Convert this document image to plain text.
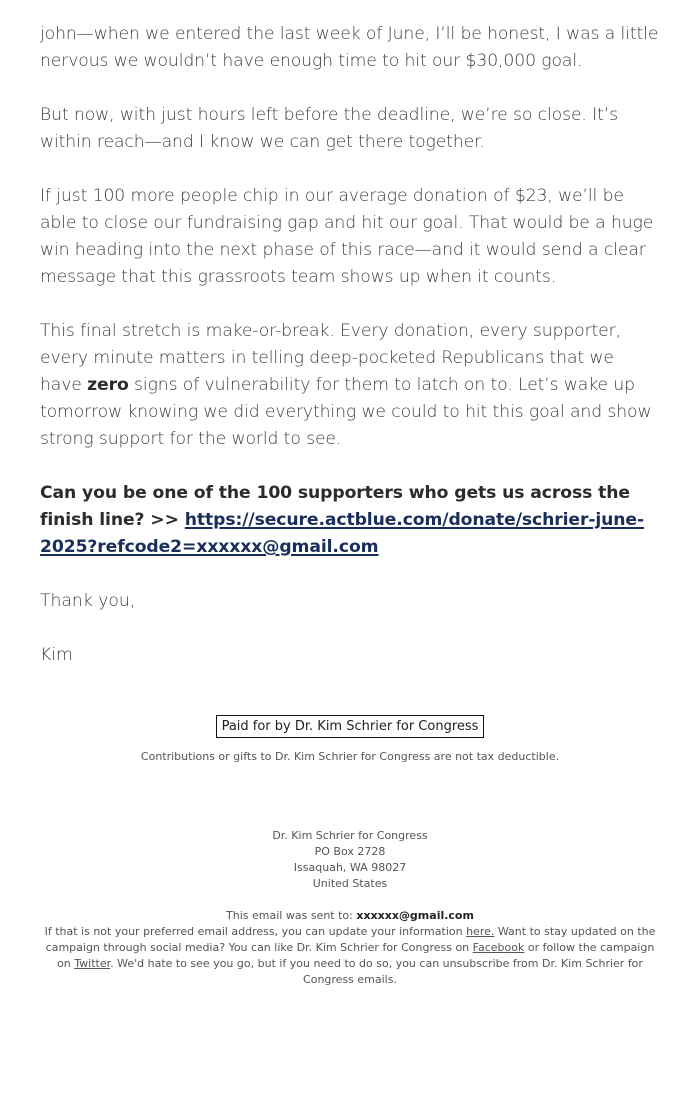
john—when we entered the last week of June, I’ll be honest, I was a little nervous we wouldn’t have enough time to hit our $30,000 goal.

But now, with just hours left before the deadline, we’re so close. It’s within reach—and I know we can get there together.

If just 100 more people chip in our average donation of $23, we’ll be able to close our fundraising gap and hit our goal. That would be a huge win heading into the next phase of this race—and it would send a clear message that this grassroots team shows up when it counts.

This final stretch is make-or-break. Every donation, every supporter, every minute matters in telling deep-pocketed Republicans that we have zero signs of vulnerability for them to latch on to. Let’s wake up tomorrow knowing we did everything we could to hit this goal and show strong support for the world to see.

Can you be one of the 100 supporters who gets us across the finish line? >> https://secure.actblue.com/donate/schrier-june-2025?refcode2=xxxxxx@gmail.com

Thank you,

Kim

Paid for by Dr. Kim Schrier for Congress
Contributions or gifts to Dr. Kim Schrier for Congress are not tax deductible.
Dr. Kim Schrier for Congress
PO Box 2728
Issaquah, WA 98027
United States
This email was sent to: xxxxxx@gmail.com
If that is not your preferred email address, you can update your information here. Want to stay updated on the campaign through social media? You can like Dr. Kim Schrier for Congress on Facebook or follow the campaign on Twitter. We'd hate to see you go, but if you need to do so, you can unsubscribe from Dr. Kim Schrier for Congress emails.
